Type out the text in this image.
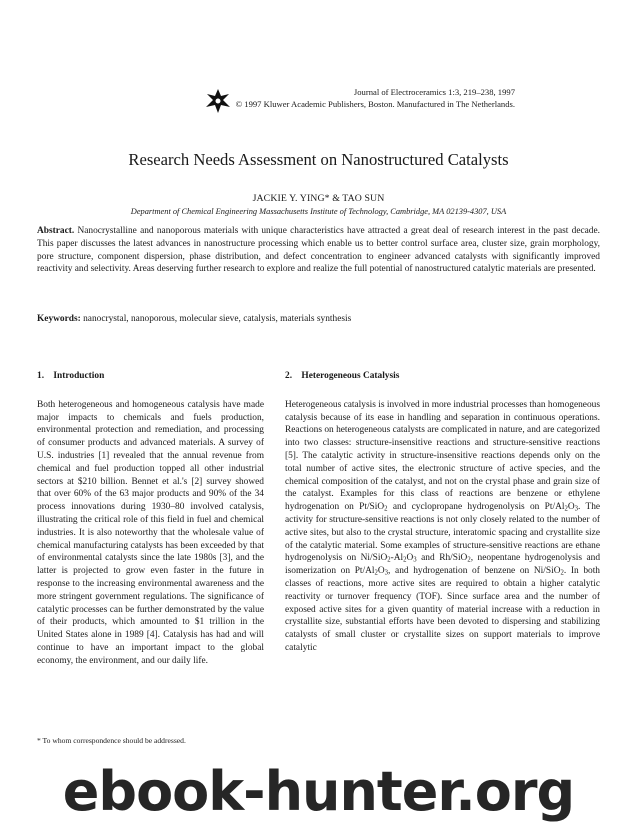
Journal of Electroceramics 1:3, 219–238, 1997
© 1997 Kluwer Academic Publishers, Boston. Manufactured in The Netherlands.
Research Needs Assessment on Nanostructured Catalysts
JACKIE Y. YING* & TAO SUN
Department of Chemical Engineering Massachusetts Institute of Technology, Cambridge, MA 02139-4307, USA
Abstract. Nanocrystalline and nanoporous materials with unique characteristics have attracted a great deal of research interest in the past decade. This paper discusses the latest advances in nanostructure processing which enable us to better control surface area, cluster size, grain morphology, pore structure, component dispersion, phase distribution, and defect concentration to engineer advanced catalysts with significantly improved reactivity and selectivity. Areas deserving further research to explore and realize the full potential of nanostructured catalytic materials are presented.
Keywords: nanocrystal, nanoporous, molecular sieve, catalysis, materials synthesis
1.    Introduction
Both heterogeneous and homogeneous catalysis have made major impacts to chemicals and fuels production, environmental protection and remediation, and processing of consumer products and advanced materials. A survey of U.S. industries [1] revealed that the annual revenue from chemical and fuel production topped all other industrial sectors at $210 billion. Bennet et al.'s [2] survey showed that over 60% of the 63 major products and 90% of the 34 process innovations during 1930–80 involved catalysis, illustrating the critical role of this field in fuel and chemical industries. It is also noteworthy that the wholesale value of chemical manufacturing catalysts has been exceeded by that of environmental catalysts since the late 1980s [3], and the latter is projected to grow even faster in the future in response to the increasing environmental awareness and the more stringent government regulations. The significance of catalytic processes can be further demonstrated by the value of their products, which amounted to $1 trillion in the United States alone in 1989 [4]. Catalysis has had and will continue to have an important impact to the global economy, the environment, and our daily life.
2.    Heterogeneous Catalysis
Heterogeneous catalysis is involved in more industrial processes than homogeneous catalysis because of its ease in handling and separation in continuous operations. Reactions on heterogeneous catalysts are complicated in nature, and are categorized into two classes: structure-insensitive reactions and structure-sensitive reactions [5]. The catalytic activity in structure-insensitive reactions depends only on the total number of active sites, the electronic structure of active species, and the chemical composition of the catalyst, and not on the crystal phase and grain size of the catalyst. Examples for this class of reactions are benzene or ethylene hydrogenation on Pt/SiO$_2$ and cyclopropane hydrogenolysis on $Pt/Al_2O_3$. The activity for structure-sensitive reactions is not only closely related to the number of active sites, but also to the crystal structure, interatomic spacing and crystallite size of the catalytic material. Some examples of structure-sensitive reactions are ethane hydrogenolysis on $Ni/SiO_2-Al_2O_3$ and Rh/SiO$_2$, neopentane hydrogenolysis and isomerization on $Pt/Al_2O_3$, and hydrogenation of benzene on Ni/SiO$_2$. In both classes of reactions, more active sites are required to obtain a higher catalytic reactivity or turnover frequency (TOF). Since surface area and the number of exposed active sites for a given quantity of material increase with a reduction in crystallite size, substantial efforts have been devoted to dispersing and stabilizing catalysts of small cluster or crystallite sizes on support materials to improve catalytic
* To whom correspondence should be addressed.
ebook-hunter.org
